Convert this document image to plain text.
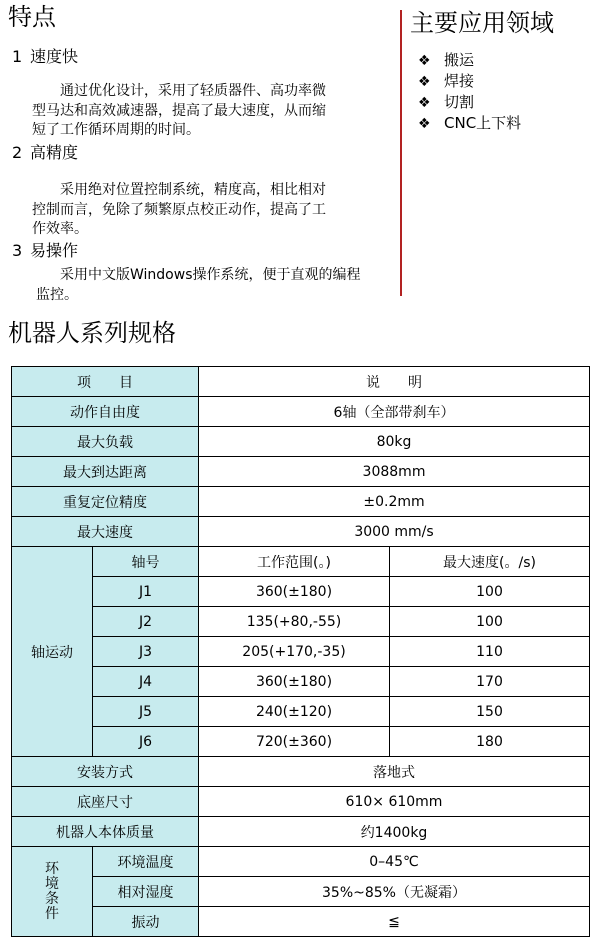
特点
1 速度快
通过优化设计，采用了轻质器件、高功率微
型马达和高效减速器，提高了最大速度，从而缩
短了工作循环周期的时间。
2 高精度
采用绝对位置控制系统，精度高，相比相对
控制而言，免除了频繁原点校正动作，提高了工
作效率。
3 易操作
采用中文版Windows操作系统，便于直观的编程
监控。
主要应用领域
❖ 搬运
❖ 焊接
❖ 切割
❖ CNC上下料
机器人系列规格
项　　目		说　　明	
动作自由度		6轴（全部带刹车）	
最大负载		80kg	
最大到达距离		3088mm	
重复定位精度		±0.2mm	
最大速度		3000 mm/s	
轴运动	轴号	工作范围(。)	最大速度(。/s)
	J1	360(±180)	100
	J2	135(+80,-55)	100
	J3	205(+170,-35)	110
	J4	360(±180)	170
	J5	240(±120)	150
	J6	720(±360)	180
安装方式		落地式	
底座尺寸		610× 610mm	
机器人本体质量		约1400kg	
环境条件	环境温度	0–45℃	
	相对湿度	35%~85%（无凝霜）	
	振动	≦	
